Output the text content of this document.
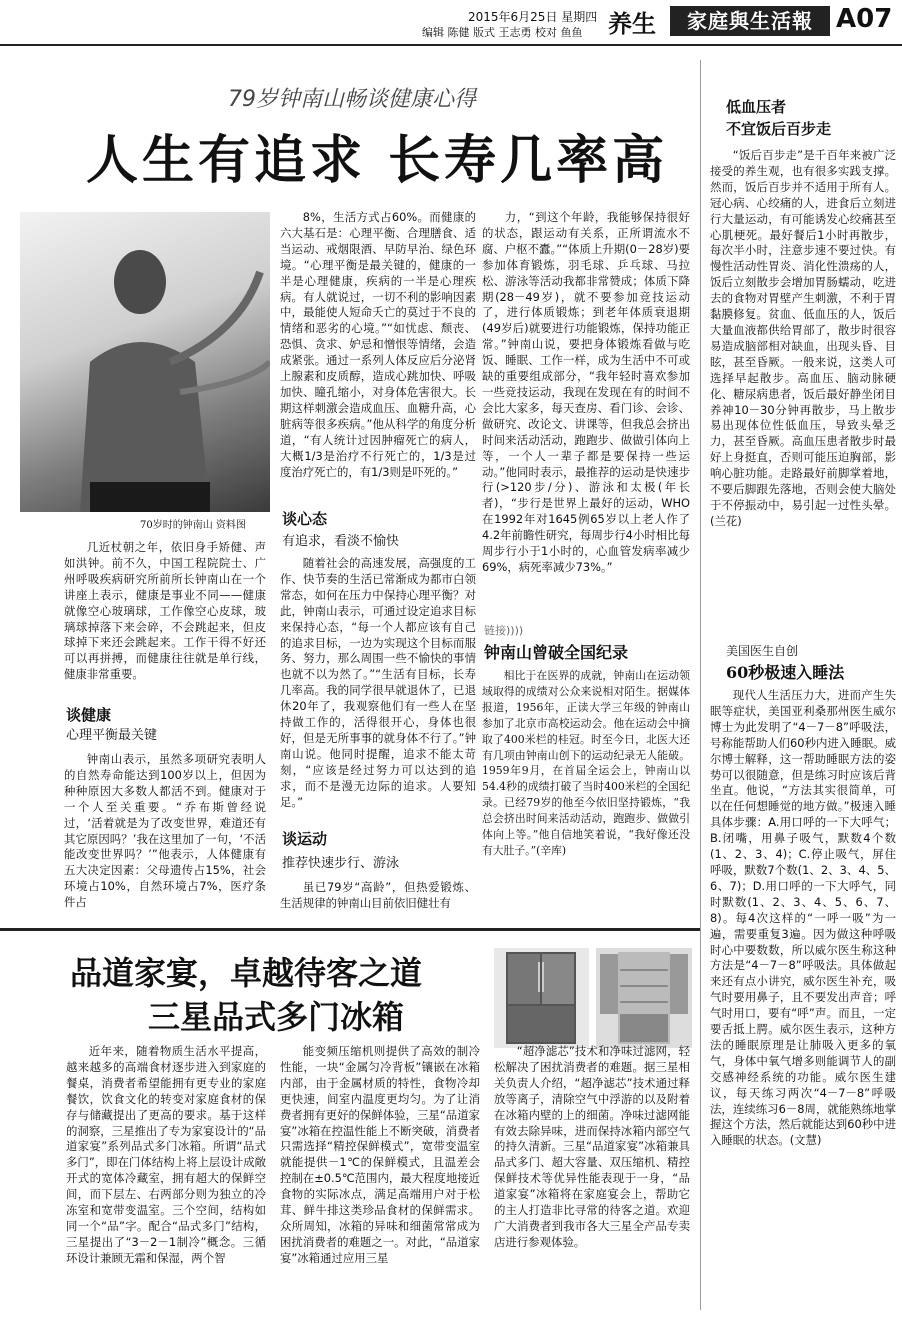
2015年6月25日 星期四
编辑 陈健 版式 王志勇 校对 鱼鱼 养生	家庭與生活報 A07
79岁钟南山畅谈健康心得
人生有追求 长寿几率高
70岁时的钟南山 资料图

几近杖朝之年，依旧身手矫健、声如洪钟。前不久，中国工程院院士、广州呼吸疾病研究所前所长钟南山在一个讲座上表示，健康是事业不同——健康就像空心玻璃球，工作像空心皮球，玻璃球掉落下来会碎，不会跳起来，但皮球掉下来还会跳起来。工作干得不好还可以再拼搏，而健康往往就是单行线，健康非常重要。

谈健康
心理平衡最关键

钟南山表示，虽然多项研究表明人的自然寿命能达到100岁以上，但因为种种原因大多数人都活不到。健康对于一个人至关重要。“乔布斯曾经说过，‘活着就是为了改变世界，难道还有其它原因吗？’我在这里加了一句，‘不活能改变世界吗？’”他表示，人体健康有五大决定因素：父母遗传占15%，社会环境占10%，自然环境占7%，医疗条件占

8%，生活方式占60%。而健康的六大基石是：心理平衡、合理膳食、适当运动、戒烟限酒、早防早治、绿色环境。“心理平衡是最关键的，健康的一半是心理健康，疾病的一半是心理疾病。有人就说过，一切不利的影响因素中，最能使人短命夭亡的莫过于不良的情绪和恶劣的心境。”“如忧虑、颓丧、恐惧、贪求、妒忌和憎恨等情绪，会造成紧张。通过一系列人体反应后分泌肾上腺素和皮质醇，造成心跳加快、呼吸加快、瞳孔缩小，对身体危害很大。长期这样刺激会造成血压、血糖升高，心脏病等很多疾病。”他从科学的角度分析道，“有人统计过因肿瘤死亡的病人，大概1/3是治疗不行死亡的，1/3是过度治疗死亡的，有1/3则是吓死的。”

谈心态
有追求，看淡不愉快

随着社会的高速发展，高强度的工作、快节奏的生活已常渐成为都市白领常态，如何在压力中保持心理平衡？对此，钟南山表示，可通过设定追求目标来保持心态，“每一个人都应该有自己的追求目标，一边为实现这个目标而服务、努力，那么周围一些不愉快的事情也就不以为然了。”“生活有目标，长寿几率高。我的同学很早就退休了，已退休20年了，我观察他们有一些人在坚持做工作的，活得很开心，身体也很好，但是无所事事的就身体不行了。”钟南山说。他同时提醒，追求不能太苛刻，“应该是经过努力可以达到的追求，而不是漫无边际的追求。人要知足。”

谈运动
推荐快速步行、游泳

虽已79岁“高龄”，但热爱锻炼、生活规律的钟南山目前依旧健壮有

力，“到这个年龄，我能够保持很好的状态，跟运动有关系，正所谓流水不腐、户枢不蠹。”“体质上升期(0－28岁)要参加体育锻炼，羽毛球、乒乓球、马拉松、游泳等活动我都非常赞成；体质下降期(28－49岁)，就不要参加竞技运动了，进行体质锻炼；到老年体质衰退期(49岁后)就要进行功能锻炼，保持功能正常。”钟南山说，要把身体锻炼看做与吃饭、睡眠、工作一样，成为生活中不可或缺的重要组成部分，“我年轻时喜欢参加一些竞技运动，我现在发现在有的时间不会比大家多，每天查房、看门诊、会诊、做研究、改论文、讲课等，但我总会挤出时间来活动活动，跑跑步、做做引体向上等，一个人一辈子都是要保持一些运动。”他同时表示，最推荐的运动是快速步行(>120步/分)、游泳和太极(年长者)，“步行是世界上最好的运动，WHO在1992年对1645例65岁以上老人作了4.2年前瞻性研究，每周步行4小时相比每周步行小于1小时的，心血管发病率减少69%，病死率减少73%。”

链接))))
钟南山曾破全国纪录

相比于在医界的成就，钟南山在运动领域取得的成绩对公众来说相对陌生。据媒体报道，1956年，正读大学三年级的钟南山参加了北京市高校运动会。他在运动会中摘取了400米栏的桂冠。时至今日，北医大还有几项由钟南山创下的运动纪录无人能破。1959年9月，在首届全运会上，钟南山以54.4秒的成绩打破了当时400米栏的全国纪录。已经79岁的他至今依旧坚持锻炼，“我总会挤出时间来活动活动，跑跑步、做做引体向上等。”他自信地笑着说，“我好像还没有大肚子。”(辛库)

低血压者
不宜饭后百步走

“饭后百步走”是千百年来被广泛接受的养生观，也有很多实践支撑。然而，饭后百步并不适用于所有人。冠心病、心绞痛的人，进食后立刻进行大量运动，有可能诱发心绞痛甚至心肌梗死。最好餐后1小时再散步，每次半小时，注意步速不要过快。有慢性活动性胃炎、消化性溃疡的人，饭后立刻散步会增加胃肠蠕动，吃进去的食物对胃壁产生刺激，不利于胃黏膜修复。贫血、低血压的人，饭后大量血液都供给胃部了，散步时很容易造成脑部相对缺血，出现头昏、目眩，甚至昏厥。一般来说，这类人可选择早起散步。高血压、脑动脉硬化、糖尿病患者，饭后最好静坐闭目养神10－30分钟再散步，马上散步易出现体位性低血压，导致头晕乏力，甚至昏厥。高血压患者散步时最好上身挺直，否则可能压迫胸部，影响心脏功能。走路最好前脚掌着地，不要后脚跟先落地，否则会使大脑处于不停振动中，易引起一过性头晕。(兰花)

美国医生自创
60秒极速入睡法

现代人生活压力大，进而产生失眠等症状，美国亚利桑那州医生威尔博士为此发明了“4－7－8”呼吸法，号称能帮助人们60秒内进入睡眠。威尔博士解释，这一帮助睡眠方法的姿势可以很随意，但是练习时应该后背坐直。他说，“方法其实很简单，可以在任何想睡觉的地方做。”极速入睡具体步骤：A.用口呼的一下大呼气；B.闭嘴，用鼻子吸气，默数4个数(1、2、3、4)；C.停止吸气，屏住呼吸，默数7个数(1、2、3、4、5、6、7)；D.用口呼的一下大呼气，同时默数(1、2、3、4、5、6、7、8)。每4次这样的“一呼一吸”为一遍，需要重复3遍。因为做这种呼吸时心中要数数，所以威尔医生称这种方法是“4－7－8”呼吸法。具体做起来还有点小讲究，威尔医生补充，吸气时要用鼻子，且不要发出声音；呼气时用口，要有“呼”声。而且，一定要舌抵上腭。威尔医生表示，这种方法的睡眠原理是让肺吸入更多的氧气，身体中氧气增多则能调节人的副交感神经系统的功能。威尔医生建议，每天练习两次“4－7－8”呼吸法，连续练习6－8周，就能熟练地掌握这个方法，然后就能达到60秒中进入睡眠的状态。(文慧)

品道家宴，卓越待客之道
三星品式多门冰箱

近年来，随着物质生活水平提高，越来越多的高端食材逐步进入到家庭的餐桌，消费者希望能拥有更专业的家庭餐饮，饮食文化的转变对家庭食材的保存与储藏提出了更高的要求。基于这样的洞察，三星推出了专为家宴设计的“品道家宴”系列品式多门冰箱。所谓“品式多门”，即在门体结构上将上层设计成敞开式的宽体冷藏室，拥有超大的保鲜空间，而下层左、右两部分则为独立的冷冻室和宽带变温室。三个空间，结构如同一个“品”字。配合“品式多门”结构，三星提出了“3－2－1制冷”概念。三循环设计兼顾无霜和保湿，两个智

能变频压缩机则提供了高效的制冷性能，一块“金属匀冷背板”镶嵌在冰箱内部，由于金属材质的特性，食物冷却更快速，间室内温度更均匀。为了让消费者拥有更好的保鲜体验，三星“品道家宴”冰箱在控温性能上不断突破，消费者只需选择“精控保鲜模式”，宽带变温室就能提供－1℃的保鲜模式，且温差会控制在±0.5℃范围内，最大程度地接近食物的实际冰点，满足高端用户对于松茸、鲜牛排这类珍品食材的保鲜需求。众所周知，冰箱的异味和细菌常常成为困扰消费者的难题之一。对此，“品道家宴”冰箱通过应用三星

“超净滤芯”技术和净味过滤网，轻松解决了困扰消费者的难题。据三星相关负责人介绍，“超净滤芯”技术通过释放等离子，清除空气中浮游的以及附着在冰箱内壁的上的细菌。净味过滤网能有效去除异味，进而保持冰箱内部空气的持久清新。三星“品道家宴”冰箱兼具品式多门、超大容量、双压缩机、精控保鲜技术等优异性能表现于一身，“品道家宴”冰箱将在家庭宴会上，帮助它的主人打造非比寻常的待客之道。欢迎广大消费者到我市各大三星全产品专卖店进行参观体验。
